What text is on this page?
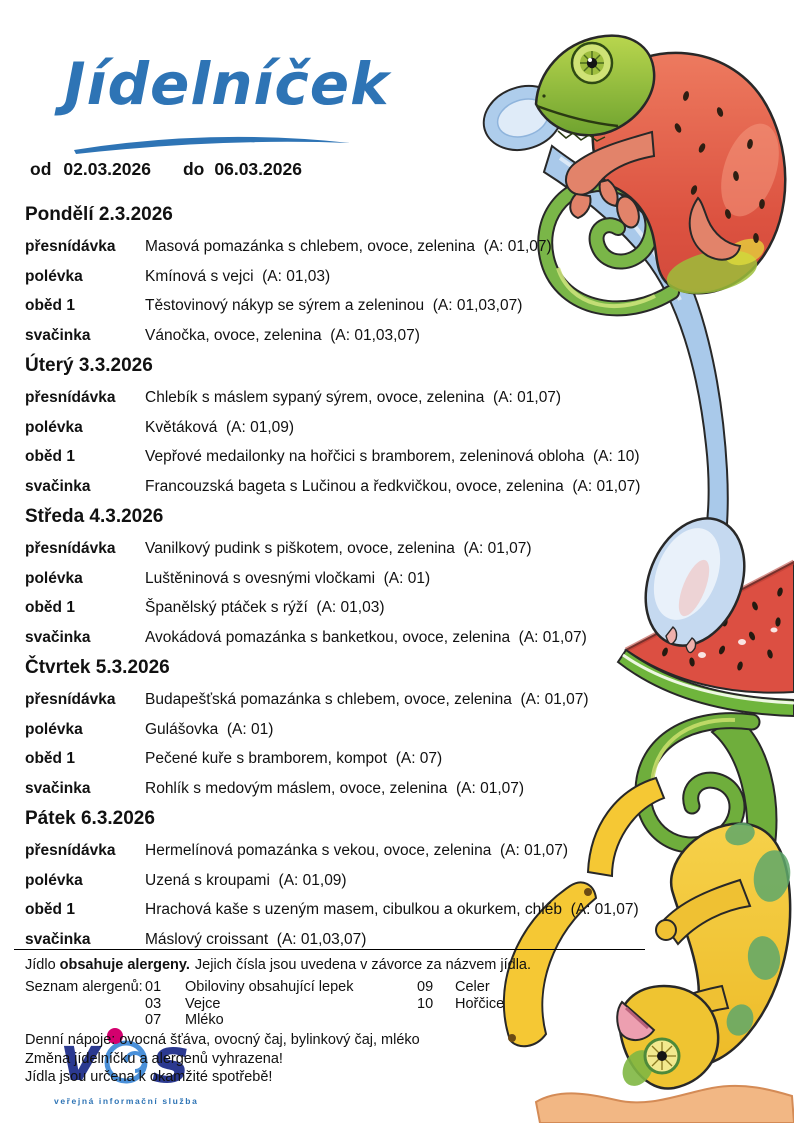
Jídelníček
od 02.03.2026 do 06.03.2026
Pondělí 2.3.2026
přesnídávka	Masová pomazánka s chlebem, ovoce, zelenina  (A: 01,07)
polévka	Kmínová s vejci  (A: 01,03)
oběd 1	Těstovinový nákyp se sýrem a zeleninou  (A: 01,03,07)
svačinka	Vánočka, ovoce, zelenina  (A: 01,03,07)
Úterý 3.3.2026
přesnídávka	Chlebík s máslem sypaný sýrem, ovoce, zelenina  (A: 01,07)
polévka	Květáková  (A: 01,09)
oběd 1	Vepřové medailonky na hořčici s bramborem, zeleninová obloha  (A: 10)
svačinka	Francouzská bageta s Lučinou a ředkvičkou, ovoce, zelenina  (A: 01,07)
Středa 4.3.2026
přesnídávka	Vanilkový pudink s piškotem, ovoce, zelenina  (A: 01,07)
polévka	Luštěninová s ovesnými vločkami  (A: 01)
oběd 1	Španělský ptáček s rýží  (A: 01,03)
svačinka	Avokádová pomazánka s banketkou, ovoce, zelenina  (A: 01,07)
Čtvrtek 5.3.2026
přesnídávka	Budapešťská pomazánka s chlebem, ovoce, zelenina  (A: 01,07)
polévka	Gulášovka  (A: 01)
oběd 1	Pečené kuře s bramborem, kompot  (A: 07)
svačinka	Rohlík s medovým máslem, ovoce, zelenina  (A: 01,07)
Pátek 6.3.2026
přesnídávka	Hermelínová pomazánka s vekou, ovoce, zelenina  (A: 01,07)
polévka	Uzená s kroupami  (A: 01,09)
oběd 1	Hrachová kaše s uzeným masem, cibulkou a okurkem, chléb  (A: 01,07)
svačinka	Máslový croissant  (A: 01,03,07)
Jídlo obsahuje alergeny. Jejich čísla jsou uvedena v závorce za názvem jídla.
Seznam alergenů: 01	Obiloviny obsahující lepek	09	Celer
03	Vejce	10	Hořčice
07	Mléko
Denní nápoje: ovocná šťáva, ovocný čaj, bylinkový čaj, mléko
Změna jídelníčku a alergenů vyhrazena!
Jídla jsou určena k okamžité spotřebě!
v s
veřejná informační služba
